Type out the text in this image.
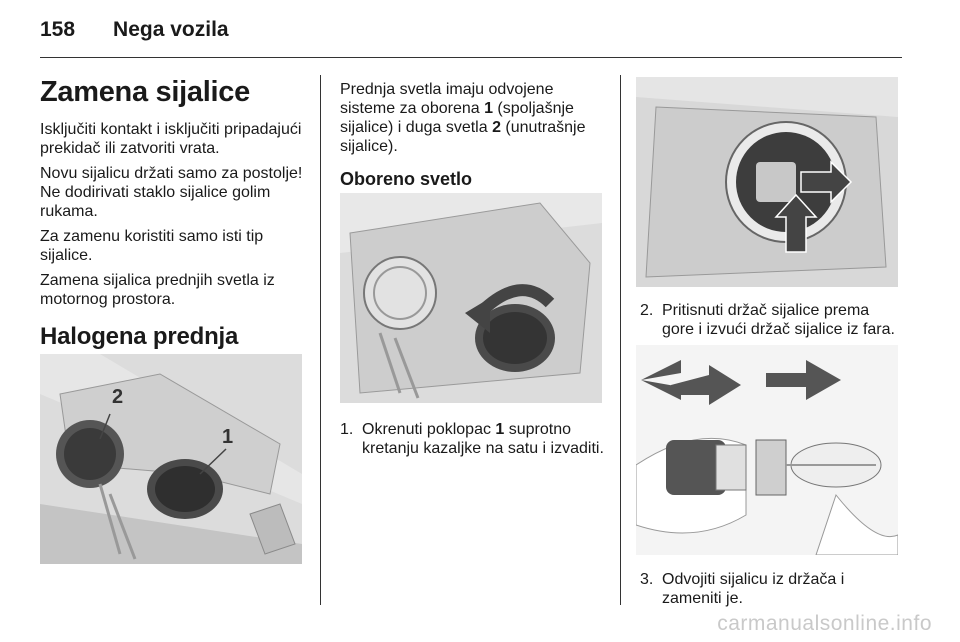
158 Nega vozila
Zamena sijalice

Isključiti kontakt i isključiti pripadajući prekidač ili zatvoriti vrata.

Novu sijalicu držati samo za postolje! Ne dodirivati staklo sijalice golim rukama.

Za zamenu koristiti samo isti tip sijalice.

Zamena sijalica prednjih svetla iz motornog prostora.

Halogena prednja
2
1

Prednja svetla imaju odvojene sisteme za oborena 1 (spoljašnje sijalice) i duga svetla 2 (unutrašnje sijalice).

Oboreno svetlo
1. Okrenuti poklopac 1 suprotno kretanju kazaljke na satu i izvaditi.
2. Pritisnuti držač sijalice prema gore i izvući držač sijalice iz fara.
3. Odvojiti sijalicu iz držača i zameniti je.
carmanualsonline.info
